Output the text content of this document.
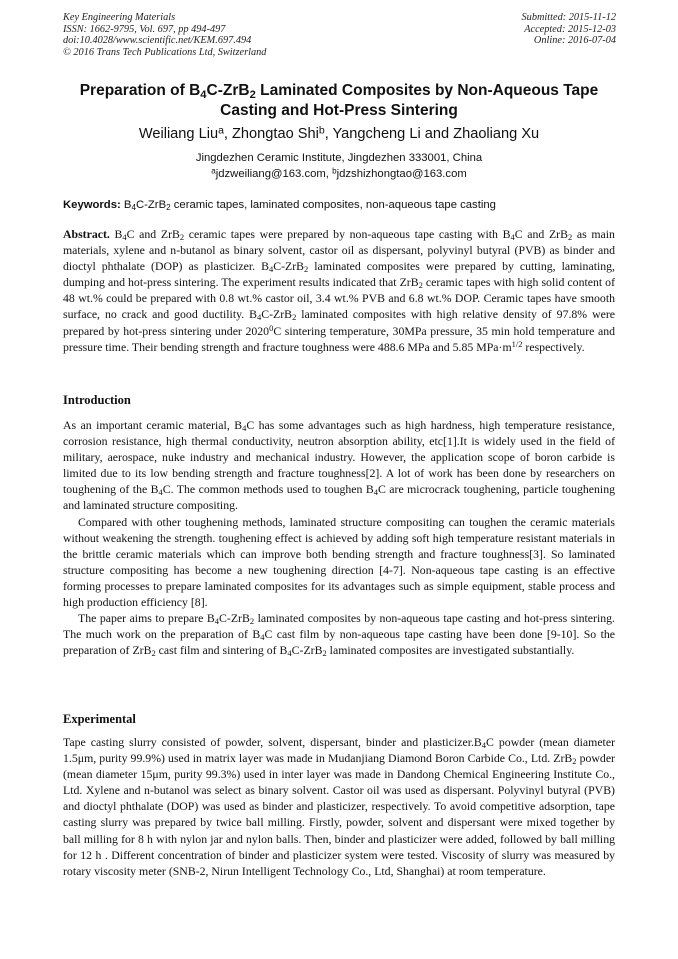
Key Engineering Materials
ISSN: 1662-9795, Vol. 697, pp 494-497
doi:10.4028/www.scientific.net/KEM.697.494
© 2016 Trans Tech Publications Ltd, Switzerland
Submitted: 2015-11-12
Accepted: 2015-12-03
Online: 2016-07-04
Preparation of $B_4C-ZrB_2$ Laminated Composites by Non-Aqueous Tape Casting and Hot-Press Sintering
Weiliang Liu$^a$, Zhongtao Shi$^b$, Yangcheng Li and Zhaoliang Xu
Jingdezhen Ceramic Institute, Jingdezhen 333001, China
$^a$jdzweiliang@163.com, $^b$jdzshizhongtao@163.com
Keywords: $B_4C-ZrB_2$ ceramic tapes, laminated composites, non-aqueous tape casting

Abstract. $B_4C$ and ZrB$_2$ ceramic tapes were prepared by non-aqueous tape casting with $B_4C$ and ZrB$_2$ as main materials, xylene and n-butanol as binary solvent, castor oil as dispersant, polyvinyl butyral (PVB) as binder and dioctyl phthalate (DOP) as plasticizer. $B_4C-ZrB_2$ laminated composites were prepared by cutting, laminating, dumping and hot-press sintering. The experiment results indicated that ZrB$_2$ ceramic tapes with high solid content of 48 wt.% could be prepared with 0.8 wt.% castor oil, 3.4 wt.% PVB and 6.8 wt.% DOP. Ceramic tapes have smooth surface, no crack and good ductility. $B_4C-ZrB_2$ laminated composites with high relative density of 97.8% were prepared by hot-press sintering under 2020$^0$C sintering temperature, 30MPa pressure, 35 min hold temperature and pressure time. Their bending strength and fracture toughness were 488.6 MPa and 5.85 $MPa\cdot m^{1/2}$ respectively.

Introduction

As an important ceramic material, $B_4C$ has some advantages such as high hardness, high temperature resistance, corrosion resistance, high thermal conductivity, neutron absorption ability, etc[1].It is widely used in the field of military, aerospace, nuke industry and mechanical industry. However, the application scope of boron carbide is limited due to its low bending strength and fracture toughness[2]. A lot of work has been done by researchers on toughening of the $B_4C$. The common methods used to toughen $B_4C$ are microcrack toughening, particle toughening and laminated structure compositing.

Compared with other toughening methods, laminated structure compositing can toughen the ceramic materials without weakening the strength. toughening effect is achieved by adding soft high temperature resistant materials in the brittle ceramic materials which can improve both bending strength and fracture toughness[3]. So laminated structure compositing has become a new toughening direction [4-7]. Non-aqueous tape casting is an effective forming processes to prepare laminated composites for its advantages such as simple equipment, stable process and high production efficiency [8].

The paper aims to prepare $B_4C-ZrB_2$ laminated composites by non-aqueous tape casting and hot-press sintering. The much work on the preparation of $B_4C$ cast film by non-aqueous tape casting have been done [9-10]. So the preparation of ZrB$_2$ cast film and sintering of $B_4C-ZrB_2$ laminated composites are investigated substantially.

Experimental

Tape casting slurry consisted of powder, solvent, dispersant, binder and $plasticizer.B_4C$ powder (mean diameter 1.5μm, purity 99.9%) used in matrix layer was made in Mudanjiang Diamond Boron Carbide Co., Ltd. ZrB$_2$ powder (mean diameter 15μm, purity 99.3%) used in inter layer was made in Dandong Chemical Engineering Institute Co., Ltd. Xylene and n-butanol was select as binary solvent. Castor oil was used as dispersant. Polyvinyl butyral (PVB) and dioctyl phthalate (DOP) was used as binder and plasticizer, respectively. To avoid competitive adsorption, tape casting slurry was prepared by twice ball milling. Firstly, powder, solvent and dispersant were mixed together by ball milling for 8 h with nylon jar and nylon balls. Then, binder and plasticizer were added, followed by ball milling for 12 h . Different concentration of binder and plasticizer system were tested. Viscosity of slurry was measured by rotary viscosity meter (SNB-2, Nirun Intelligent Technology Co., Ltd, Shanghai) at room temperature.
